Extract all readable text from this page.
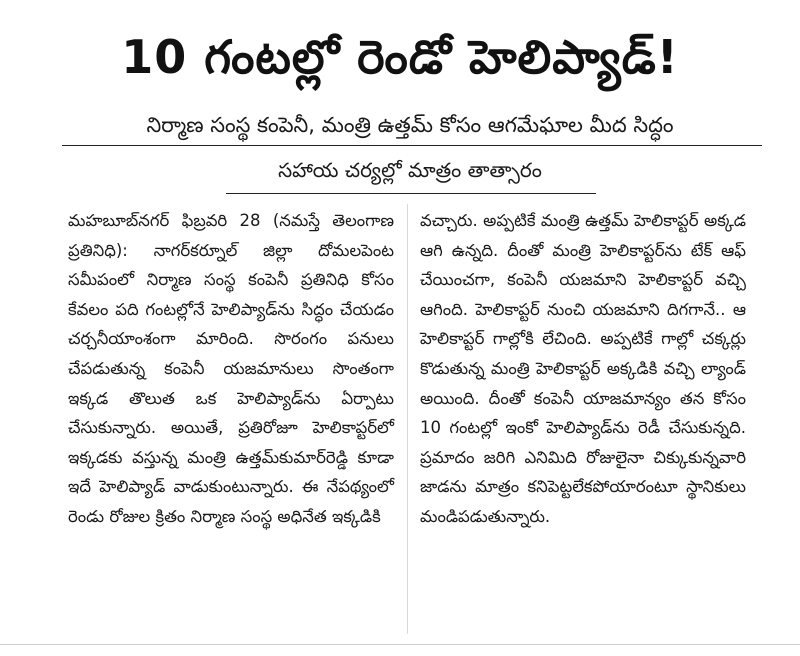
10 గంటల్లో రెండో హెలిప్యాడ్!
నిర్మాణ సంస్థ కంపెనీ, మంత్రి ఉత్తమ్ కోసం ఆగమేఘాల మీద సిద్ధం
సహాయ చర్యల్లో మాత్రం తాత్సారం

మహబూబ్‌నగర్ ఫిబ్రవరి 28 (నమస్తే తెలంగాణ ప్రతినిధి): నాగర్‌కర్నూల్ జిల్లా దోమలపెంట సమీపంలో నిర్మాణ సంస్థ కంపెనీ ప్రతినిధి కోసం కేవలం పది గంటల్లోనే హెలిప్యాడ్‌ను సిద్ధం చేయడం చర్చనీయాంశంగా మారింది. సొరంగం పనులు చేపడుతున్న కంపెనీ యజమానులు సొంతంగా ఇక్కడ తొలుత ఒక హెలిప్యాడ్‌ను ఏర్పాటు చేసుకున్నారు. అయితే, ప్రతిరోజూ హెలికాప్టర్‌లో ఇక్కడకు వస్తున్న మంత్రి ఉత్తమ్‌కుమార్‌రెడ్డి కూడా ఇదే హెలిప్యాడ్ వాడుకుంటున్నారు. ఈ నేపథ్యంలో రెండు రోజుల క్రితం నిర్మాణ సంస్థ అధినేత ఇక్కడికి

వచ్చారు. అప్పటికే మంత్రి ఉత్తమ్ హెలికాప్టర్ అక్కడ ఆగి ఉన్నది. దీంతో మంత్రి హెలికాప్టర్‌ను టేక్ ఆఫ్ చేయించగా, కంపెనీ యజమాని హెలికాప్టర్ వచ్చి ఆగింది. హెలికాప్టర్ నుంచి యజమాని దిగగానే.. ఆ హెలికాప్టర్ గాల్లోకి లేచింది. అప్పటికే గాల్లో చక్కర్లు కొడుతున్న మంత్రి హెలికాప్టర్ అక్కడికి వచ్చి ల్యాండ్ అయింది. దీంతో కంపెనీ యాజమాన్యం తన కోసం 10 గంటల్లో ఇంకో హెలిప్యాడ్‌ను రెడీ చేసుకున్నది. ప్రమాదం జరిగి ఎనిమిది రోజులైనా చిక్కుకున్నవారి జాడను మాత్రం కనిపెట్టలేకపోయారంటూ స్థానికులు మండిపడుతున్నారు.
